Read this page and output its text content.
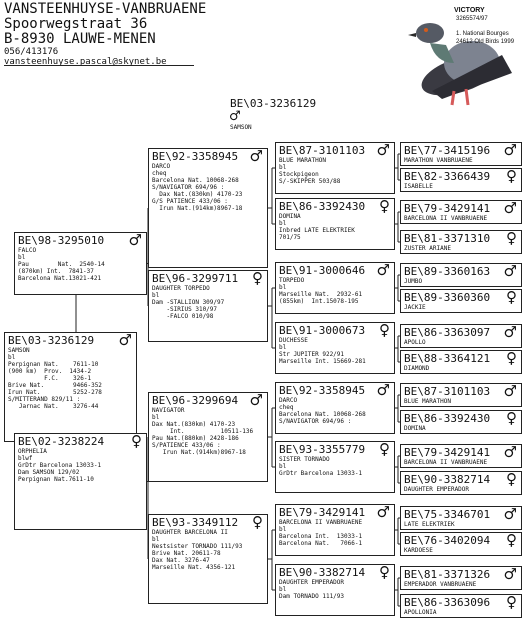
VANSTEENHUYSE-VANBRUAENE
Spoorwegstraat 36
B-8930 LAUWE-MENEN
056/413176
vansteenhuyse.pascal@skynet.be
VICTORY
3265574/97
1. National Bourges
24612 Old Birds 1999
BE\03-3236129
♂
SAMSON
BE\03-3236129	♂
SAMSON
bl
Perpignan Nat.    7611-10
(900 km)  Prov.  1434-2
F.C.    326-1
Brive Nat.        9466-352
Irun Nat.         5252-278
S/MITTERAND 829/11 :
Jarnac Nat.    3276-44
BE\98-3295010	♂
FALCO
bl
Pau        Nat.  2540-14
(870km) Int.  7841-37
Barcelona Nat.13021-421
BE\02-3238224	♀
ORPHELIA
blwf
GrDtr Barcelona 13033-1
Dam SAMSON 129/02
Perpignan Nat.7611-10
BE\92-3358945 ♂
DARCO
cheq
Barcelona Nat. 10068-268
S/NAVIGATOR 694/96 :
Dax Nat.(830km) 4170-23
G/S PATIENCE 433/06 :
Irun Nat.(914km)8967-18
BE\96-3299711 ♀
DAUGHTER TORPEDO
bl
Dam -STALLION 309/97
-SIRIUS 310/97
-FALCO 010/98
BE\96-3299694 ♂
NAVIGATOR
bl
Dax Nat.(830km) 4170-23
Int.          10511-136
Pau Nat.(880km) 2428-186
S/PATIENCE 433/06 :
Irun Nat.(914km)8967-18
BE\93-3349112 ♀
DAUGHTER BARCELONA II
bl
Nestsister TORNADO 111/93
Brive Nat. 20611-78
Dax Nat. 3276-47
Marseille Nat. 4356-121
BE\87-3101103 ♂
BLUE MARATHON
bl
Stockpigeon
S/-SKIPPER 503/88
BE\86-3392430 ♀
DOMINA
bl
Inbred LATE ELEKTRIEK
701/75
BE\91-3000646 ♂
TORPEDO
bl
Marseille Nat.  2932-61
(855km)  Int.15078-195
BE\91-3000673 ♀
DUCHESSE
bl
Str JUPITER 922/91
Marseille Int. 15669-281
BE\92-3358945 ♂
DARCO
cheq
Barcelona Nat. 10068-268
S/NAVIGATOR 694/96 :
BE\93-3355779 ♀
SISTER TORNADO
bl
GrDtr Barcelona 13033-1
BE\79-3429141 ♂
BARCELONA II VANBRUAENE
bl
Barcelona Int.  13033-1
Barcelona Nat.   7066-1
BE\90-3382714 ♀
DAUGHTER EMPERADOR
bl
Dam TORNADO 111/93
BE\77-3415196 ♂
MARATHON VANBRUAENE
BE\82-3366439	♀
ISABELLE
BE\79-3429141 ♂
BARCELONA II VANBRUAENE
BE\81-3371310	♀
ZUSTER ARIANE
BE\89-3360163 ♂
JUMBO
BE\89-3360360	♀
JACKIE
BE\86-3363097 ♂
APOLLO
BE\88-3364121	♀
DIAMOND
BE\87-3101103 ♂
BLUE MARATHON
BE\86-3392430	♀
DOMINA
BE\79-3429141 ♂
BARCELONA II VANBRUAENE
BE\90-3382714	♀
DAUGHTER EMPERADOR
BE\75-3346701 ♂
LATE ELEKTRIEK
BE\76-3402094	♀
KARDOESE
BE\81-3371326 ♂
EMPERADOR VANBRUAENE
BE\86-3363096	♀
APOLLONIA
